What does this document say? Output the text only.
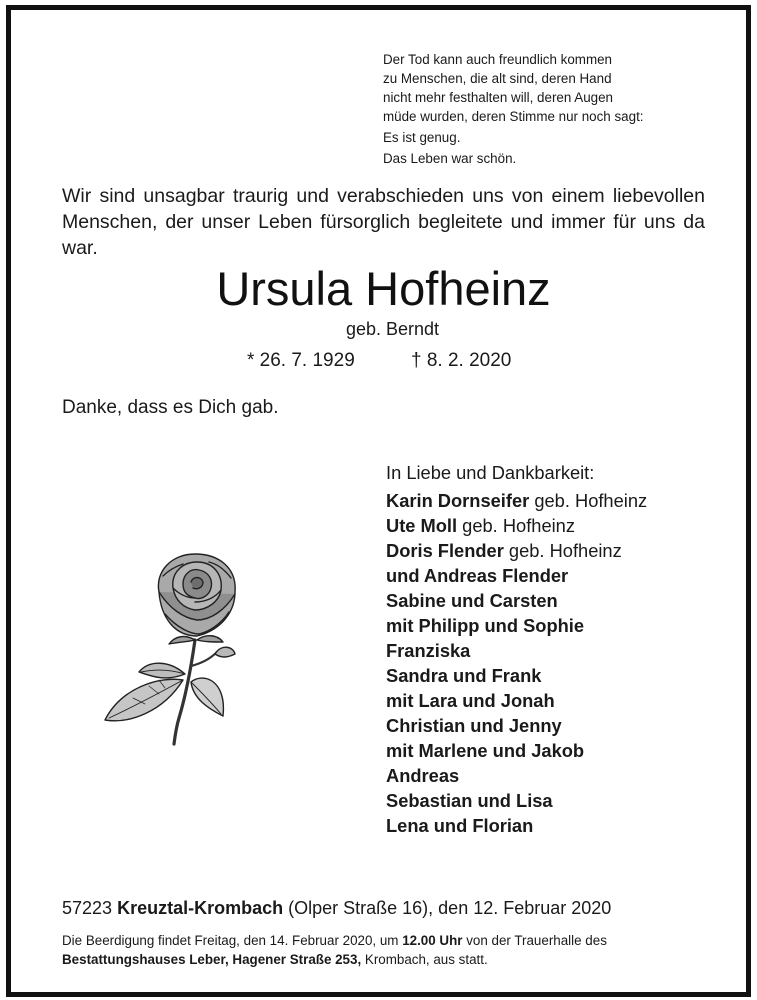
Der Tod kann auch freundlich kommen
zu Menschen, die alt sind, deren Hand
nicht mehr festhalten will, deren Augen
müde wurden, deren Stimme nur noch sagt:
Es ist genug.
Das Leben war schön.
Wir sind unsagbar traurig und verabschieden uns von einem liebevollen Menschen, der unser Leben fürsorglich begleitete und immer für uns da war.
Ursula Hofheinz
geb. Berndt
* 26. 7. 1929	† 8. 2. 2020
Danke, dass es Dich gab.
In Liebe und Dankbarkeit:
Karin Dornseifer geb. Hofheinz
Ute Moll geb. Hofheinz
Doris Flender geb. Hofheinz
und Andreas Flender
Sabine und Carsten
mit Philipp und Sophie
Franziska
Sandra und Frank
mit Lara und Jonah
Christian und Jenny
mit Marlene und Jakob
Andreas
Sebastian und Lisa
Lena und Florian
57223 Kreuztal-Krombach (Olper Straße 16), den 12. Februar 2020
Die Beerdigung findet Freitag, den 14. Februar 2020, um 12.00 Uhr von der Trauerhalle des Bestattungshauses Leber, Hagener Straße 253, Krombach, aus statt.
